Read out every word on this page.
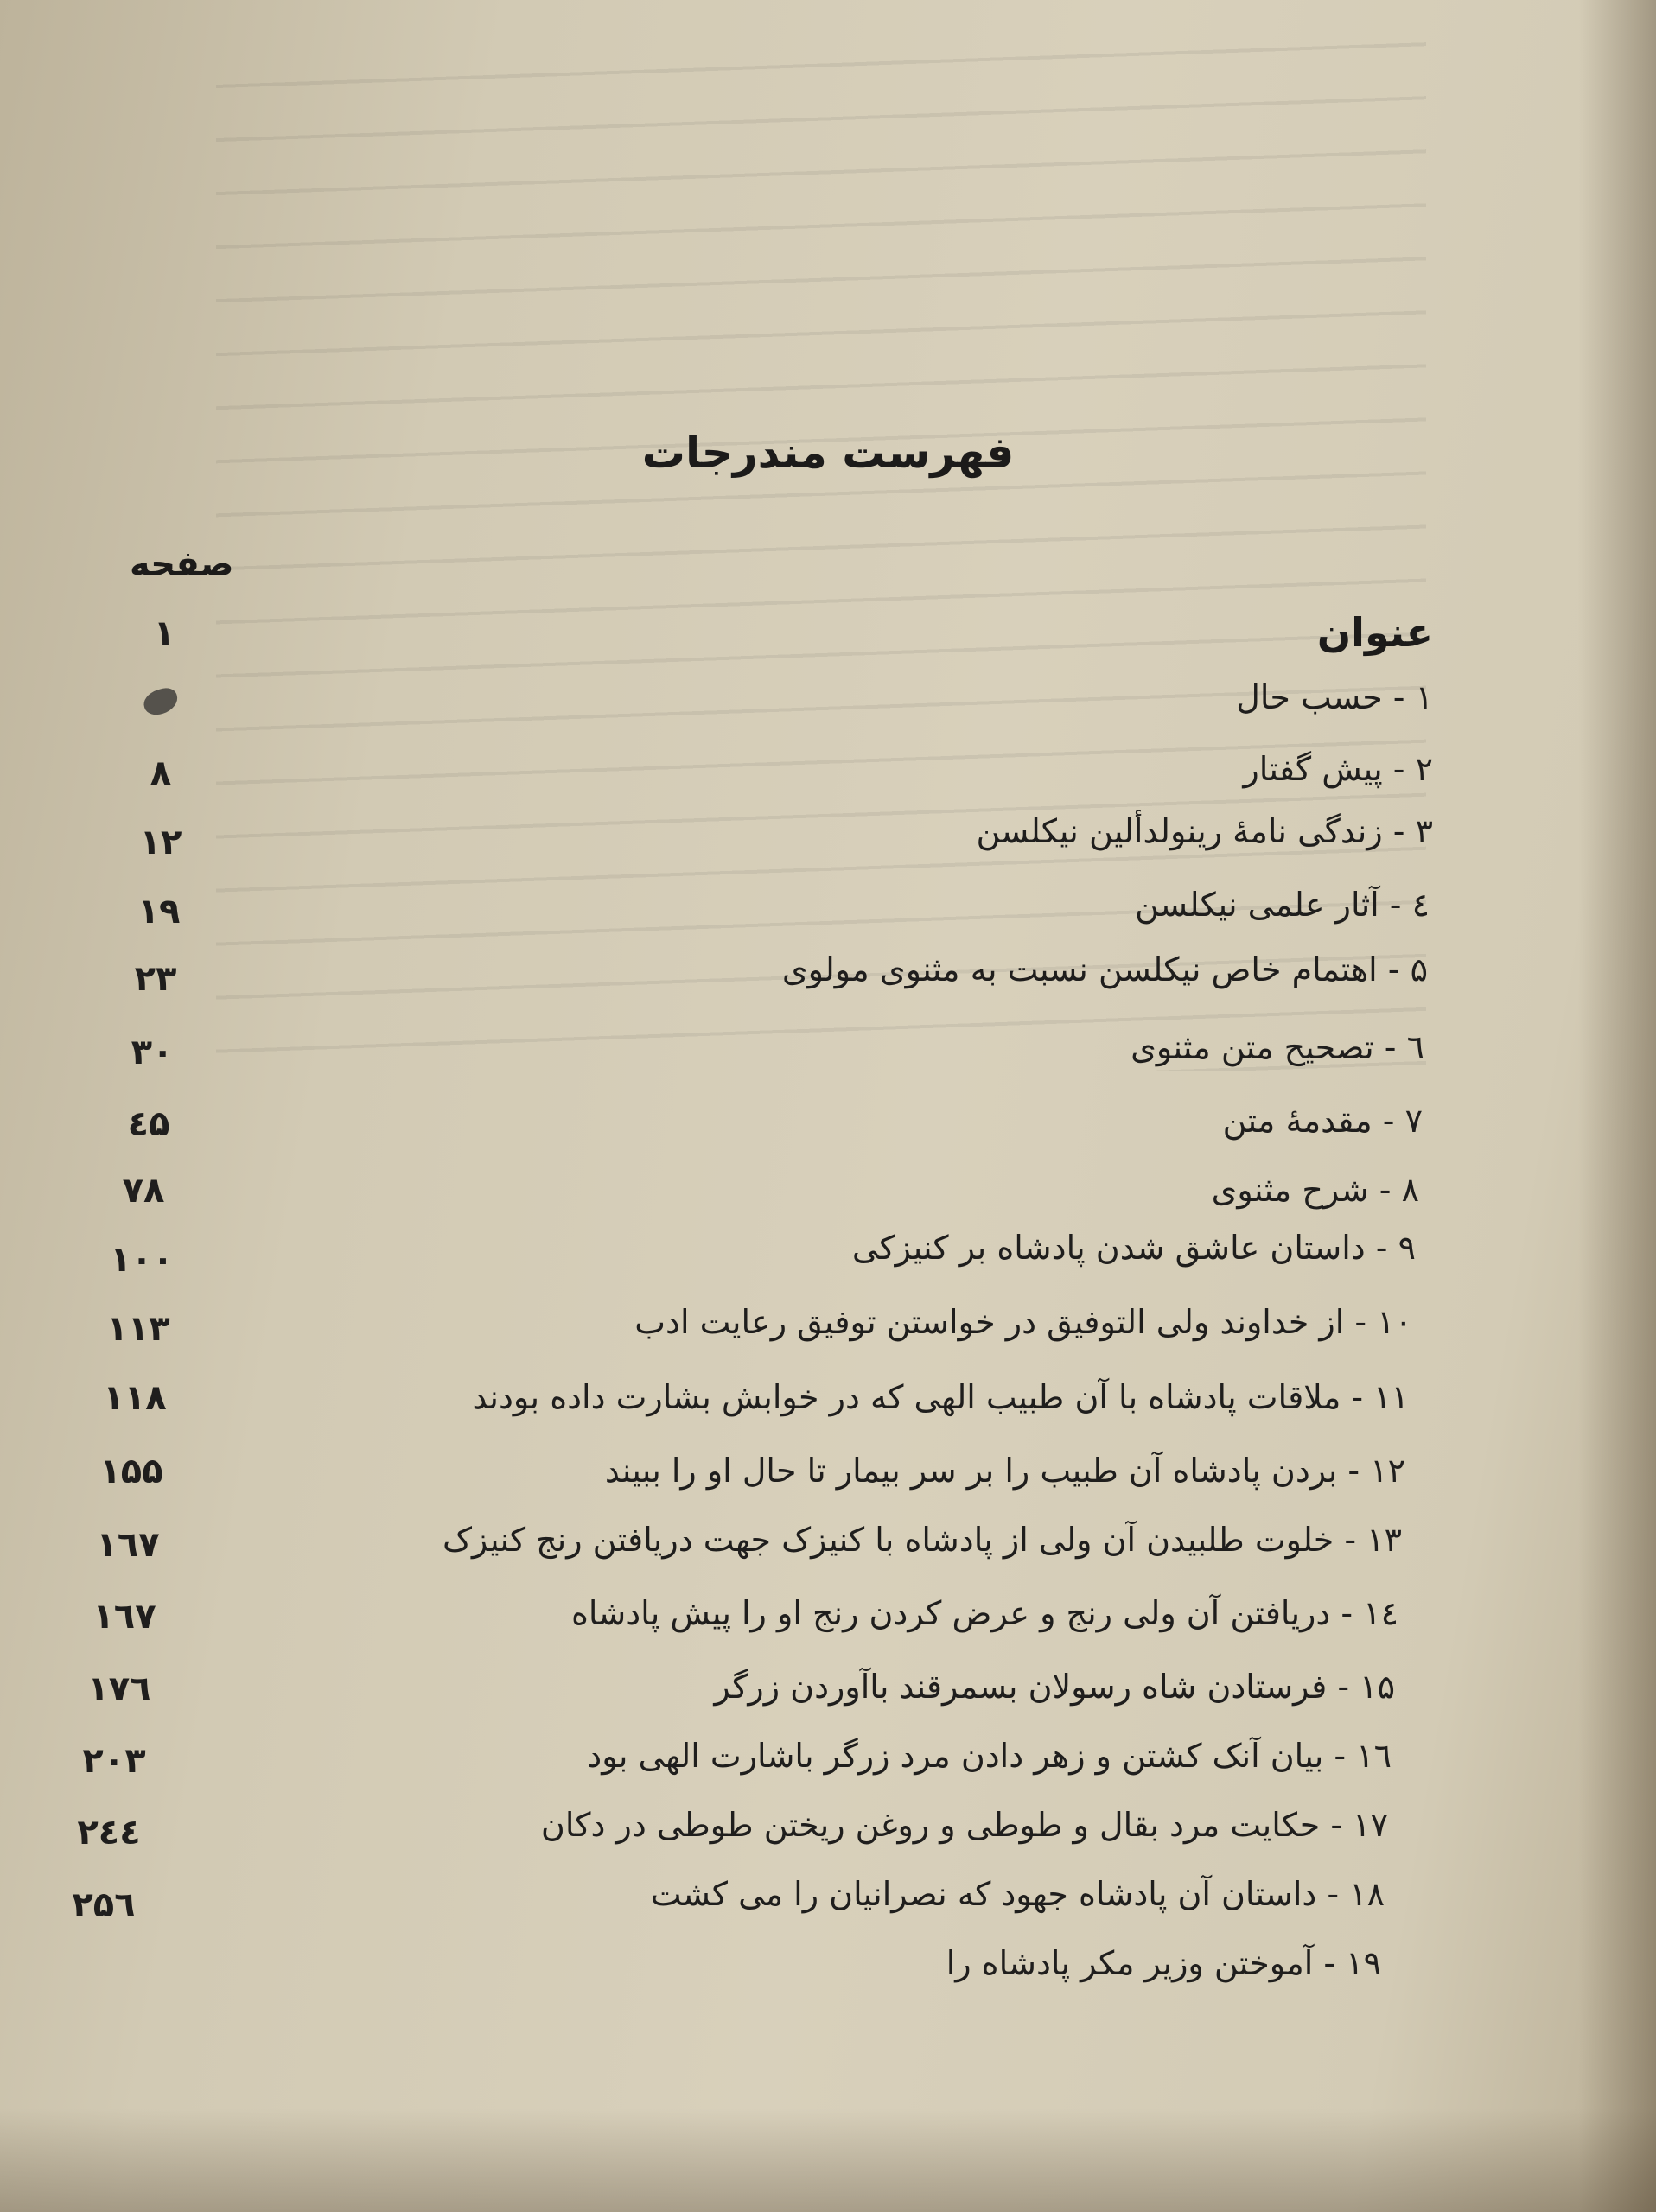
فهرست مندرجات
صفحه
عنوان
۱ - حسب حال
۲ - پیش گفتار
۳ - زندگی نامهٔ رینولدألین نیکلسن
٤ - آثار علمی نیکلسن
۵ - اهتمام خاص نیکلسن نسبت به مثنوی مولوی
٦ - تصحیح متن مثنوی
۷ - مقدمهٔ متن
۸ - شرح مثنوی
۹ - داستان عاشق شدن پادشاه بر کنیزکی
۱۰ - از خداوند ولی التوفیق در خواستن توفیق رعایت ادب
۱۱ - ملاقات پادشاه با آن طبیب الهی که در خوابش بشارت داده بودند
۱۲ - بردن پادشاه آن طبیب را بر سر بیمار تا حال او را ببیند
۱۳ - خلوت طلبیدن آن ولی از پادشاه با کنیزک جهت دریافتن رنج کنیزک
۱٤ - دریافتن آن ولی رنج و عرض کردن رنج او را پیش پادشاه
۱۵ - فرستادن شاه رسولان بسمرقند باآوردن زرگر
۱٦ - بیان آنک کشتن و زهر دادن مرد زرگر باشارت الهی بود
۱۷ - حکایت مرد بقال و طوطی و روغن ریختن طوطی در دکان
۱۸ - داستان آن پادشاه جهود که نصرانیان را می کشت
۱۹ - آموختن وزیر مکر پادشاه را
۱
۸
۱۲
۱۹
۲۳
۳۰
٤۵
۷۸
۱۰۰
۱۱۳
۱۱۸
۱۵۵
۱٦۷
۱٦۷
۱۷٦
۲۰۳
۲٤٤
۲۵٦
